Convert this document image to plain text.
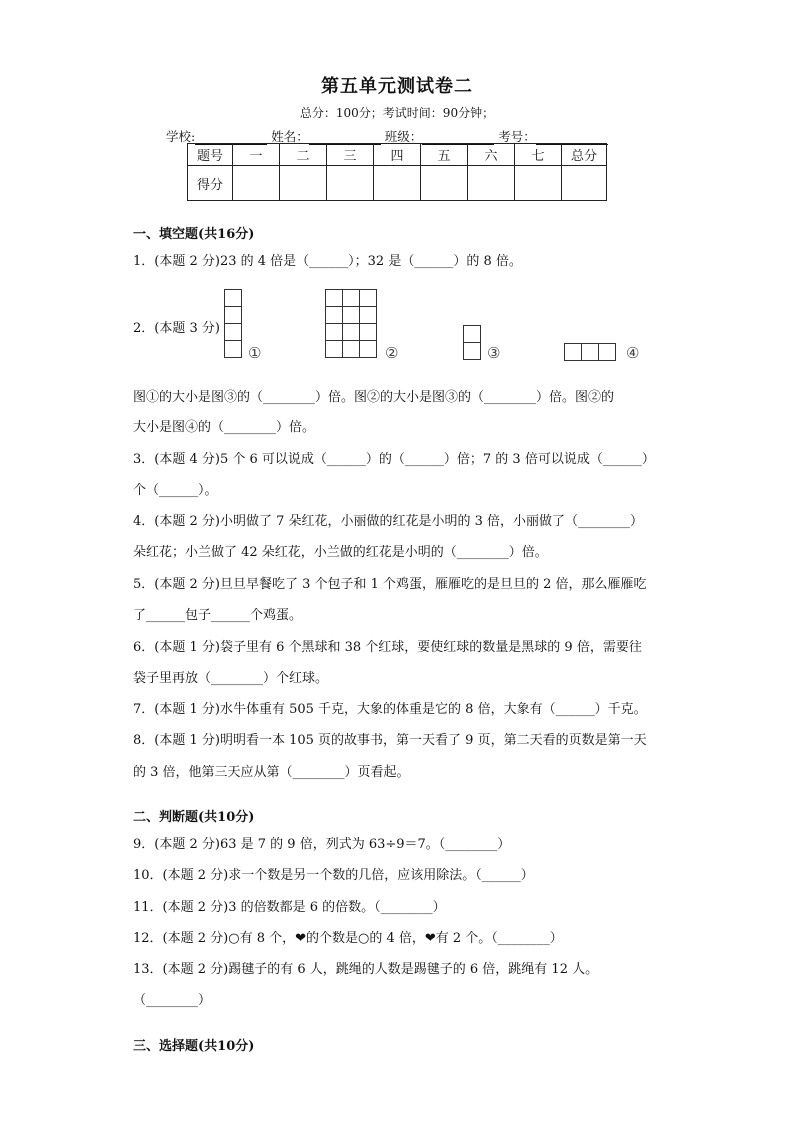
第五单元测试卷二
总分：100分；考试时间：90分钟；
学校:	姓名：	班级：	考号：
题号	一	二	三	四	五	六	七	总分
得分								
一、填空题(共16分)
1．(本题 2 分)23 的 4 倍是（______）；32 是（______）的 8 倍。
2．(本题 3 分)

①

			②	③
			④
图①的大小是图③的（________）倍。图②的大小是图③的（________）倍。图②的
大小是图④的（________）倍。
3．(本题 4 分)5 个 6 可以说成（______）的（______）倍；7 的 3 倍可以说成（______）
个（______）。
4．(本题 2 分)小明做了 7 朵红花，小丽做的红花是小明的 3 倍，小丽做了（________）
朵红花；小兰做了 42 朵红花，小兰做的红花是小明的（________）倍。
5．(本题 2 分)旦旦早餐吃了 3 个包子和 1 个鸡蛋，雁雁吃的是旦旦的 2 倍，那么雁雁吃
了______包子______个鸡蛋。
6．(本题 1 分)袋子里有 6 个黑球和 38 个红球，要使红球的数量是黑球的 9 倍，需要往
袋子里再放（________）个红球。
7．(本题 1 分)水牛体重有 505 千克，大象的体重是它的 8 倍，大象有（______）千克。
8．(本题 1 分)明明看一本 105 页的故事书，第一天看了 9 页，第二天看的页数是第一天
的 3 倍，他第三天应从第（________）页看起。
二、判断题(共10分)
9．(本题 2 分)63 是 7 的 9 倍，列式为 63÷9＝7。（________）
10．(本题 2 分)求一个数是另一个数的几倍，应该用除法。（______）
11．(本题 2 分)3 的倍数都是 6 的倍数。（________）
12．(本题 2 分)○有 8 个，❤的个数是○的 4 倍，❤有 2 个。（________）
13．(本题 2 分)踢毽子的有 6 人，跳绳的人数是踢毽子的 6 倍，跳绳有 12 人。
（________）
三、选择题(共10分)
